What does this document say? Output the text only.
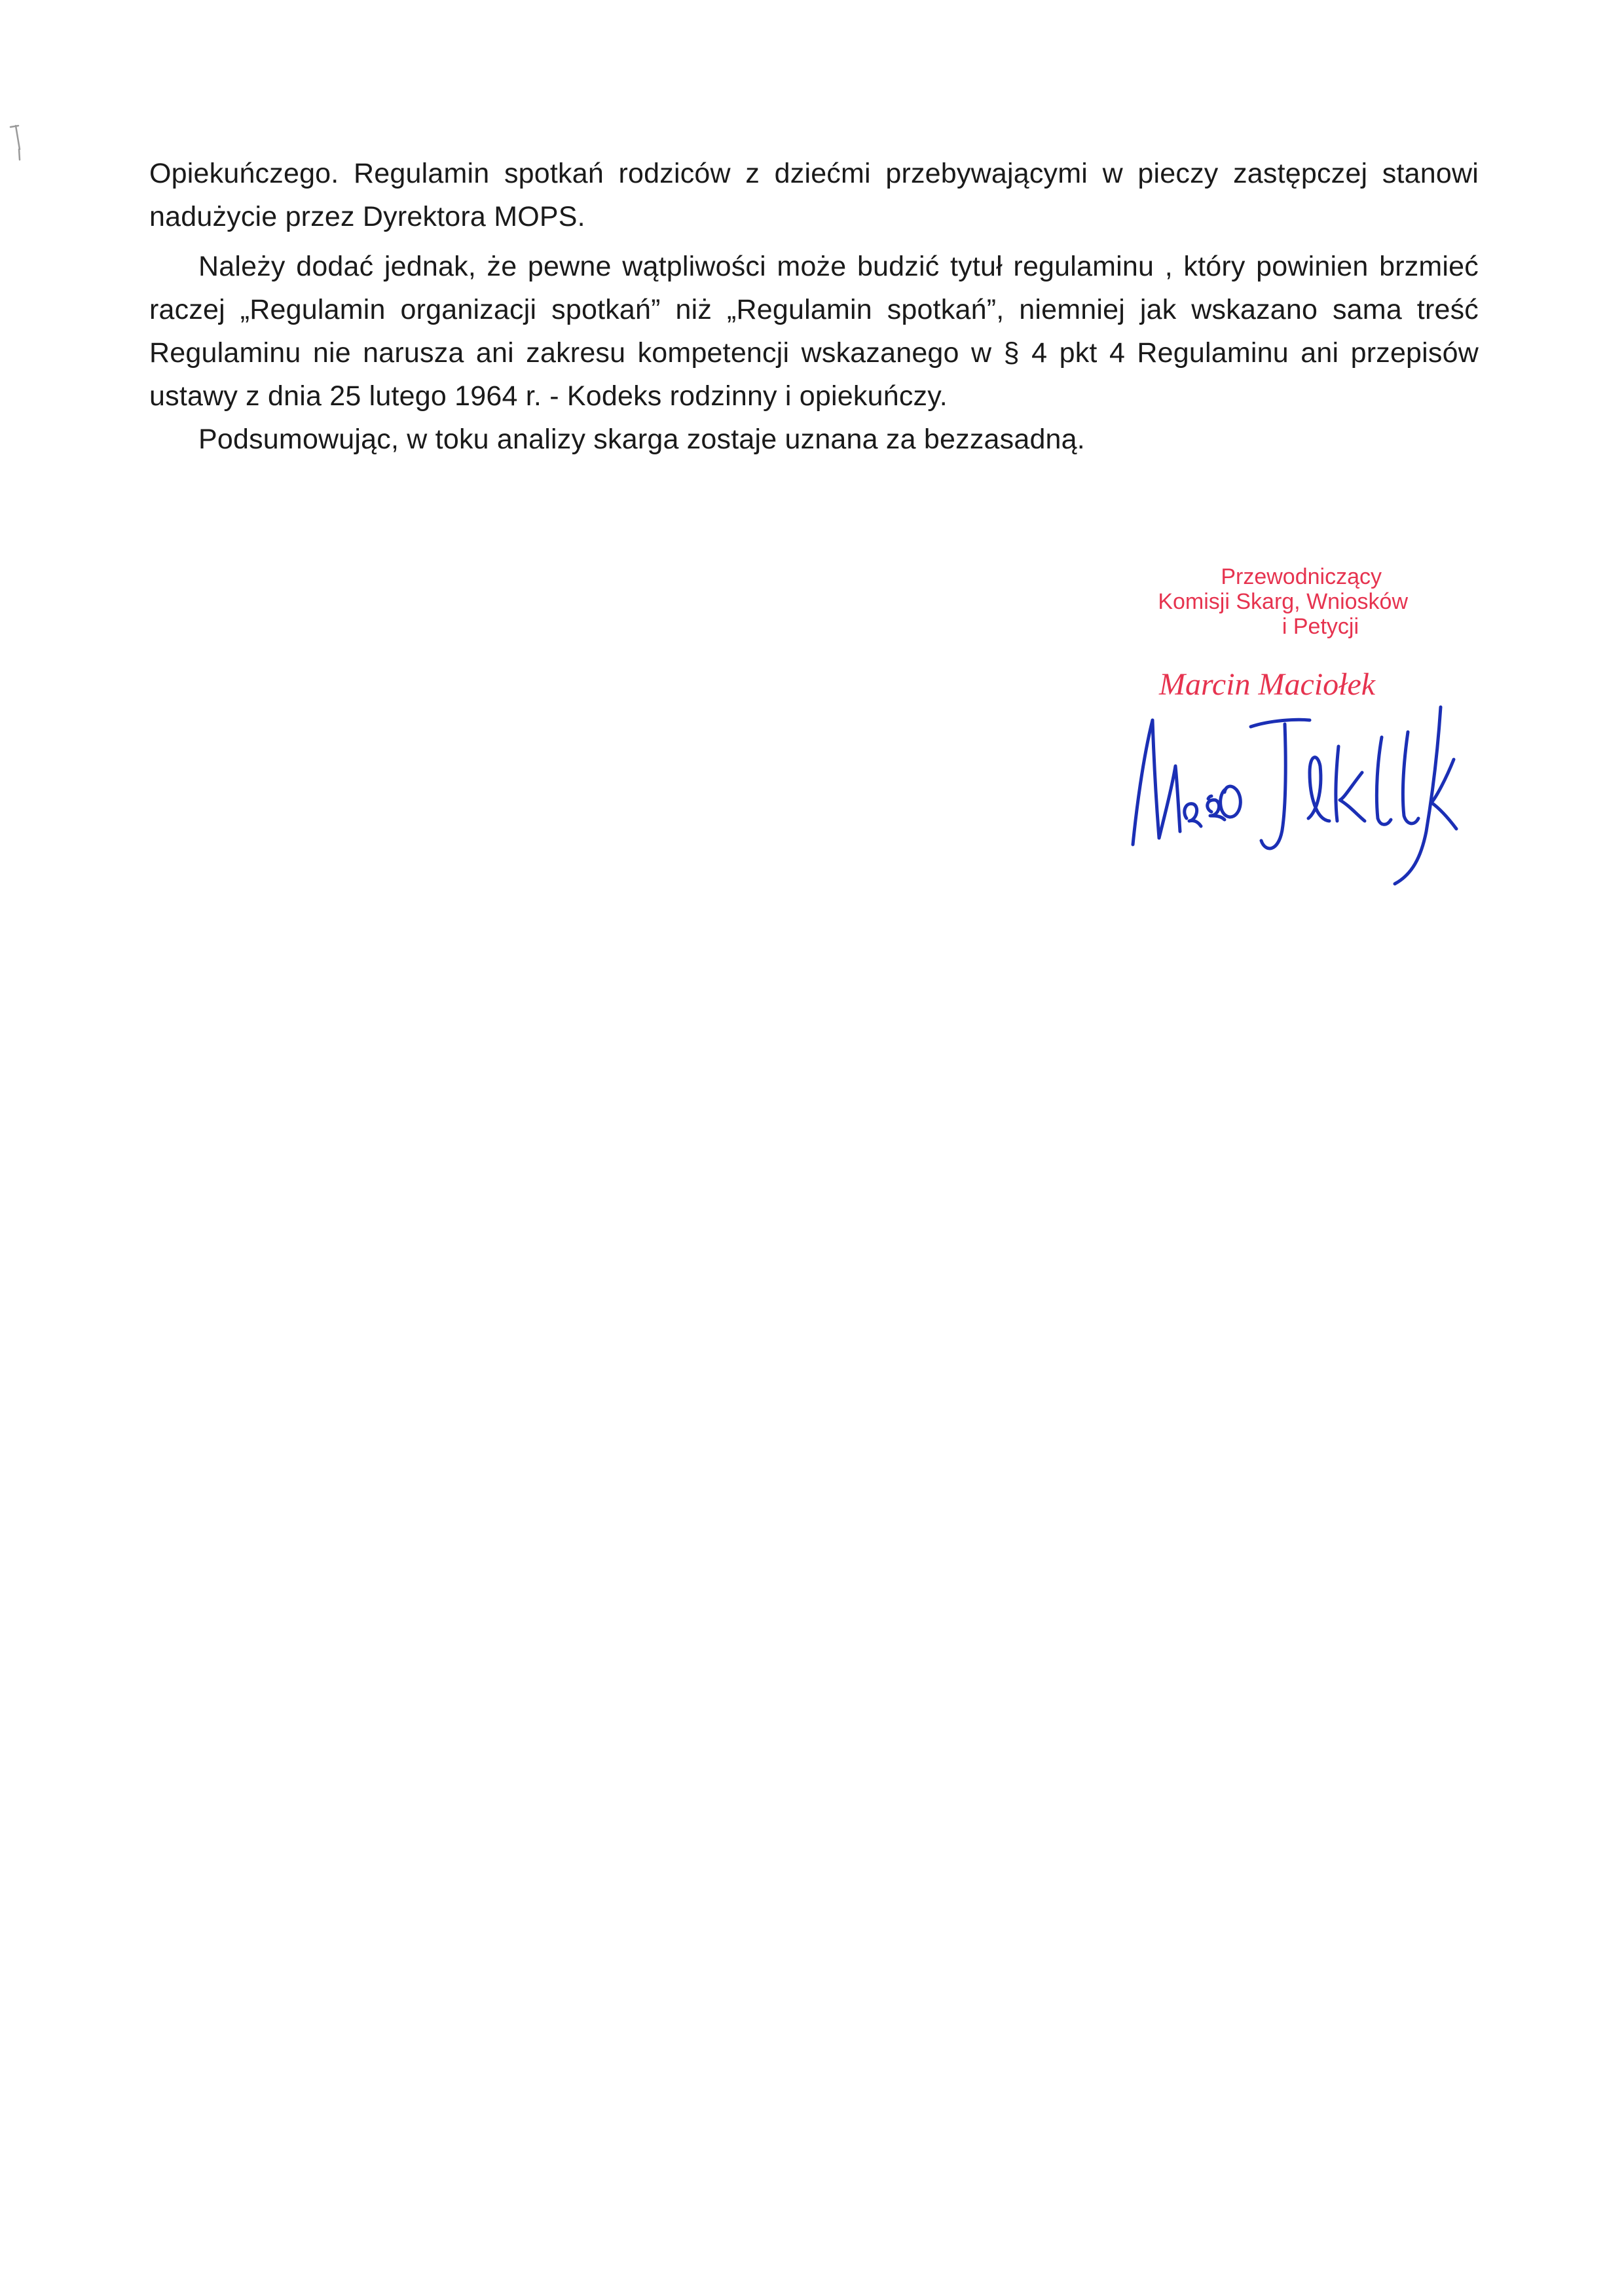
Opiekuńczego. Regulamin spotkań rodziców z dziećmi przebywającymi w pieczy zastępczej stanowi nadużycie przez Dyrektora MOPS.

Należy dodać jednak, że pewne wątpliwości może budzić tytuł regulaminu , który powinien brzmieć raczej „Regulamin organizacji spotkań” niż „Regulamin spotkań”, niemniej jak wskazano sama treść Regulaminu nie narusza ani zakresu kompetencji wskazanego w § 4 pkt 4 Regulaminu ani przepisów ustawy z dnia 25 lutego 1964 r. - Kodeks rodzinny i opiekuńczy.

Podsumowując, w toku analizy skarga zostaje uznana za bezzasadną.

Przewodniczący
Komisji Skarg, Wniosków
i Petycji
Marcin Maciołek
